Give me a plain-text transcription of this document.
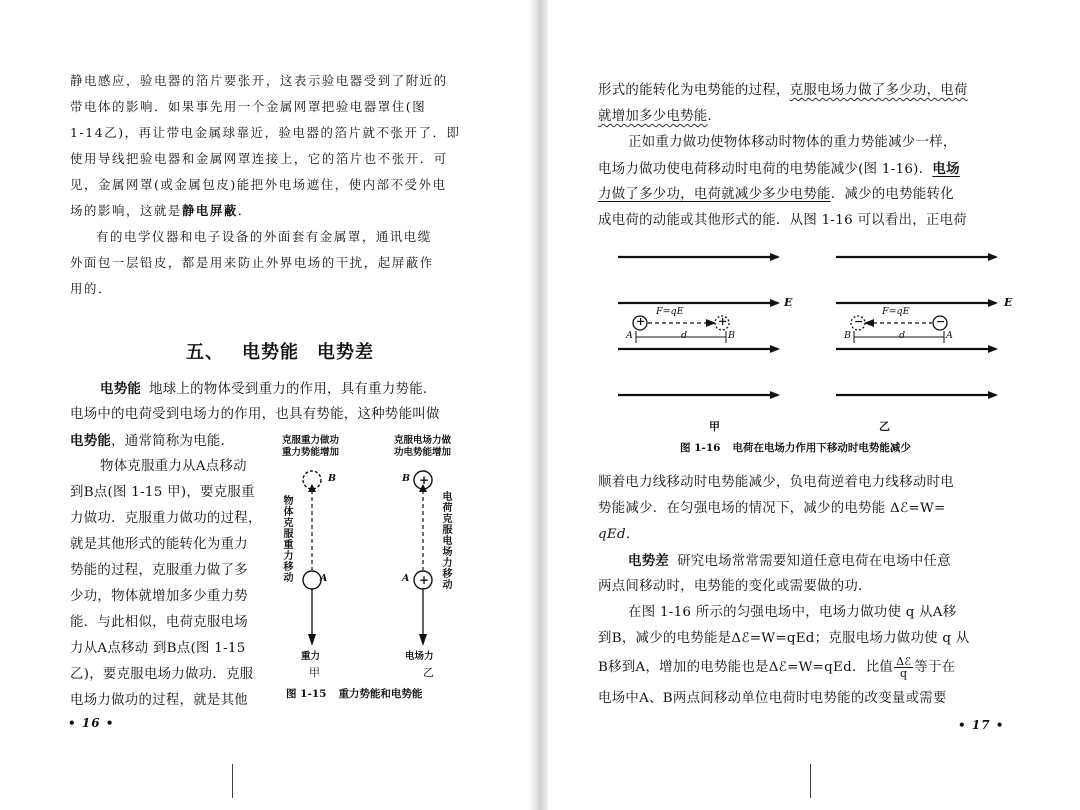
静电感应，验电器的箔片要张开，这表示验电器受到了附近的
带电体的影响．如果事先用一个金属网罩把验电器罩住(图
1-14乙)，再让带电金属球靠近，验电器的箔片就不张开了．即
使用导线把验电器和金属网罩连接上，它的箔片也不张开．可
见，金属网罩(或金属包皮)能把外电场遮住，使内部不受外电
场的影响，这就是静电屏蔽．
有的电学仪器和电子设备的外面套有金属罩，通讯电缆
外面包一层铅皮，都是用来防止外界电场的干扰，起屏蔽作
用的．
五、 电势能 电势差
电势能 地球上的物体受到重力的作用，具有重力势能．
电场中的电荷受到电场力的作用，也具有势能，这种势能叫做
电势能，通常简称为电能．
物体克服重力从A点移动
到B点(图 1-15 甲)，要克服重
力做功．克服重力做功的过程，
就是其他形式的能转化为重力
势能的过程，克服重力做了多
少功，物体就增加多少重力势
能．与此相似，电荷克服电场
力从A点移动 到B点(图 1-15
乙)，要克服电场力做功．克服
电场力做功的过程，就是其他
• 16 •
克服重力做功
重力势能增加
克服电场力做
功电势能增加
B
A
B
A
+
+
物
体
克
服
重
力
移
动
电
荷
克
服
电
场
力
移
动
重力	电场力
甲	乙
图 1-15 重力势能和电势能
形式的能转化为电势能的过程，克服电场力做了多少功，电荷
就增加多少电势能．
正如重力做功使物体移动时物体的重力势能减少一样，
电场力做功使电荷移动时电荷的电势能减少(图 1-16)．电场
力做了多少功，电荷就减少多少电势能．减少的电势能转化
成电荷的动能或其他形式的能．从图 1-16 可以看出，正电荷
E	E
F=qE	F=qE
+	+	−	−
A	B
d	B	A
d
甲	乙
图 1-16 电荷在电场力作用下移动时电势能减少
顺着电力线移动时电势能减少，负电荷逆着电力线移动时电
势能减少．在匀强电场的情况下，减少的电势能 Δℰ=W=
qEd．
电势差 研究电场常常需要知道任意电荷在电场中任意
两点间移动时，电势能的变化或需要做的功．
在图 1-16 所示的匀强电场中，电场力做功使 q 从A移
到B，减少的电势能是Δℰ=W=qEd；克服电场力做功使 q 从
B移到A，增加的电势能也是Δℰ=W=qEd．比值 $\frac{\text{Δℰ}}{q}$ 等于在
电场中A、B两点间移动单位电荷时电势能的改变量或需要
• 17 •
